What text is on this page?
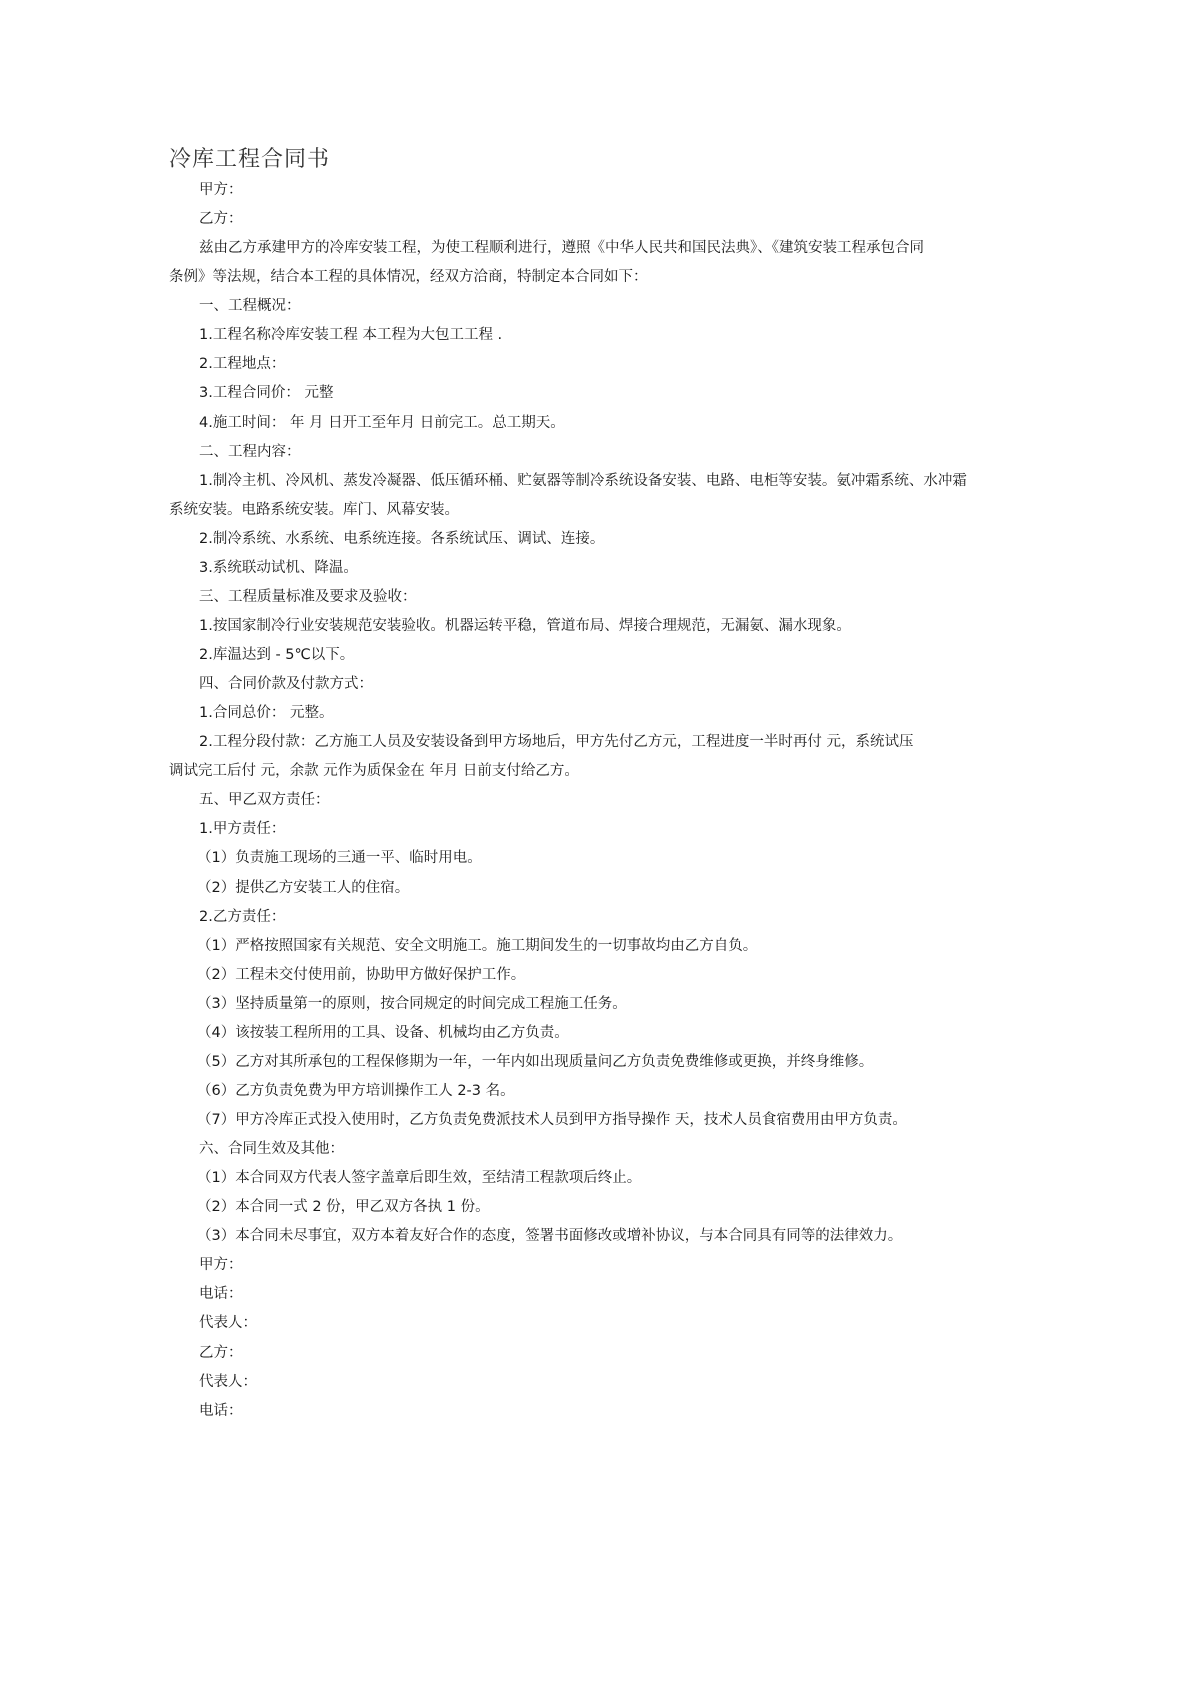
冷库工程合同书
甲方：
乙方：
兹由乙方承建甲方的冷库安装工程，为使工程顺利进行，遵照《中华人民共和国民法典》、《建筑安装工程承包合同
条例》等法规，结合本工程的具体情况，经双方洽商，特制定本合同如下：
一、工程概况：
1.工程名称冷库安装工程 本工程为大包工工程 .
2.工程地点：
3.工程合同价： 元整
4.施工时间： 年 月 日开工至年月 日前完工。总工期天。
二、工程内容：
1.制冷主机、冷风机、蒸发冷凝器、低压循环桶、贮氨器等制冷系统设备安装、电路、电柜等安装。氨冲霜系统、水冲霜
系统安装。电路系统安装。库门、风幕安装。
2.制冷系统、水系统、电系统连接。各系统试压、调试、连接。
3.系统联动试机、降温。
三、工程质量标准及要求及验收：
1.按国家制冷行业安装规范安装验收。机器运转平稳，管道布局、焊接合理规范，无漏氨、漏水现象。
2.库温达到 - 5℃以下。
四、合同价款及付款方式：
1.合同总价： 元整。
2.工程分段付款：乙方施工人员及安装设备到甲方场地后，甲方先付乙方元，工程进度一半时再付 元，系统试压
调试完工后付 元，余款 元作为质保金在 年月 日前支付给乙方。
五、甲乙双方责任：
1.甲方责任：
（1）负责施工现场的三通一平、临时用电。
（2）提供乙方安装工人的住宿。
2.乙方责任：
（1）严格按照国家有关规范、安全文明施工。施工期间发生的一切事故均由乙方自负。
（2）工程未交付使用前，协助甲方做好保护工作。
（3）坚持质量第一的原则，按合同规定的时间完成工程施工任务。
（4）该按装工程所用的工具、设备、机械均由乙方负责。
（5）乙方对其所承包的工程保修期为一年，一年内如出现质量问乙方负责免费维修或更换，并终身维修。
（6）乙方负责免费为甲方培训操作工人 2-3 名。
（7）甲方冷库正式投入使用时，乙方负责免费派技术人员到甲方指导操作 天，技术人员食宿费用由甲方负责。
六、合同生效及其他：
（1）本合同双方代表人签字盖章后即生效，至结清工程款项后终止。
（2）本合同一式 2 份，甲乙双方各执 1 份。
（3）本合同未尽事宜，双方本着友好合作的态度，签署书面修改或增补协议，与本合同具有同等的法律效力。
甲方：
电话：
代表人：
乙方：
代表人：
电话：
